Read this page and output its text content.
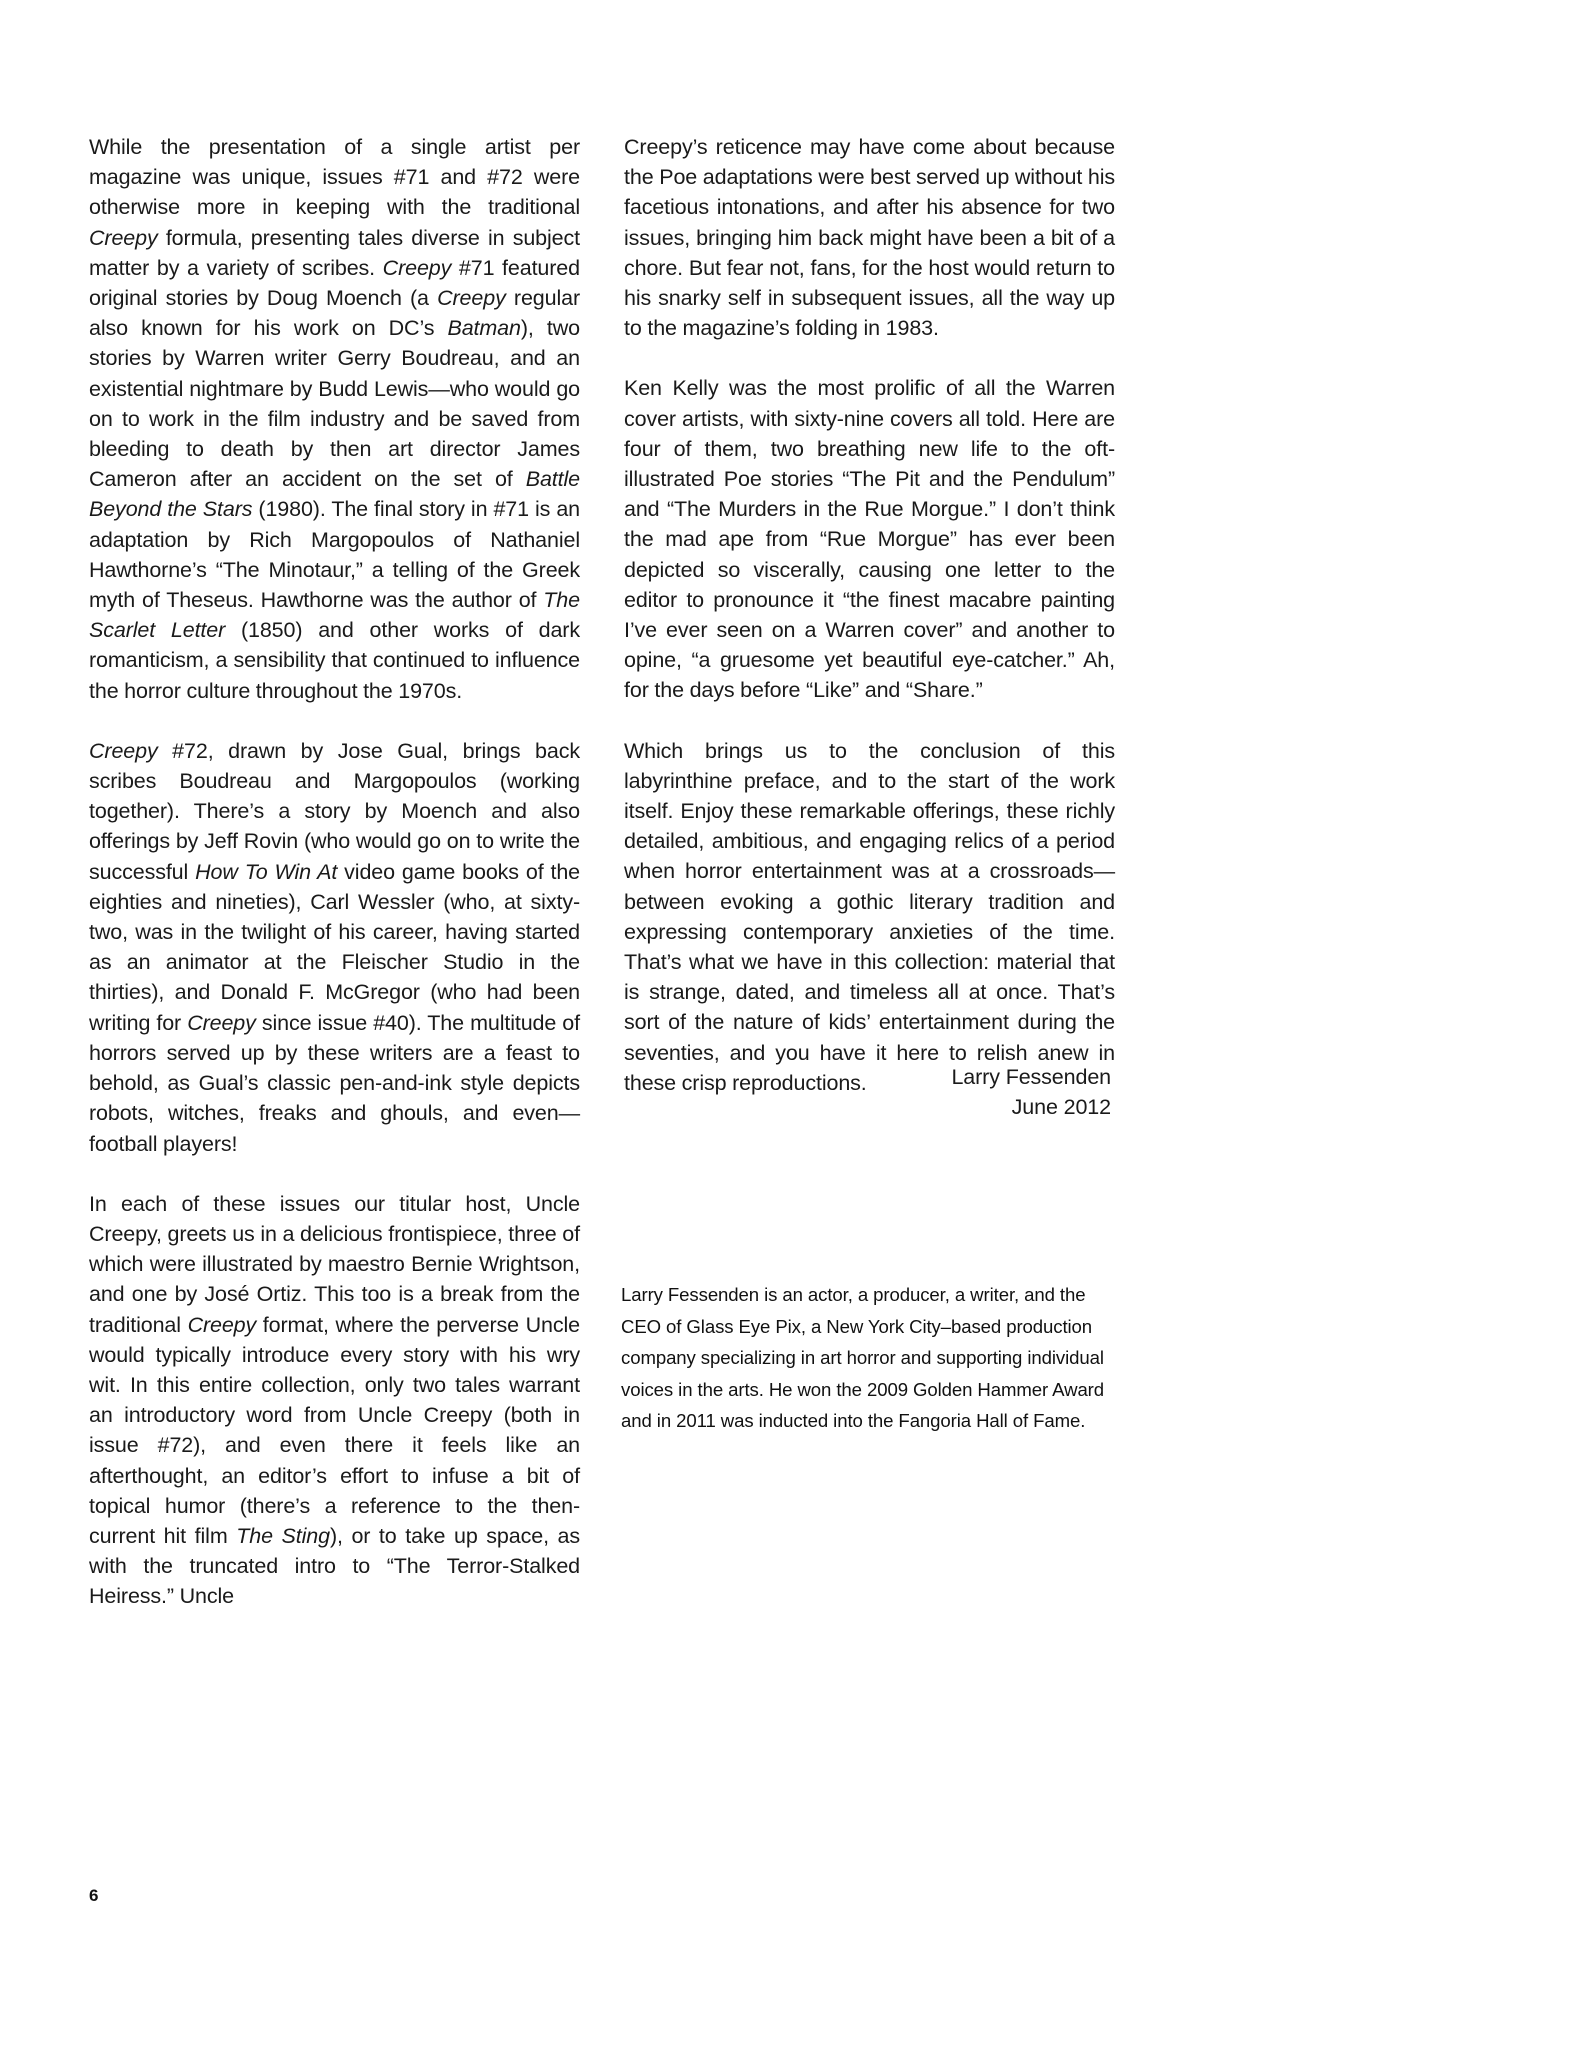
While the presentation of a single artist per magazine was unique, issues #71 and #72 were otherwise more in keeping with the traditional Creepy formula, presenting tales diverse in subject matter by a variety of scribes. Creepy #71 featured original stories by Doug Moench (a Creepy regular also known for his work on DC’s Batman), two stories by Warren writer Gerry Boudreau, and an existential nightmare by Budd Lewis—who would go on to work in the film industry and be saved from bleeding to death by then art director James Cameron after an accident on the set of Battle Beyond the Stars (1980). The final story in #71 is an adaptation by Rich Margopoulos of Nathaniel Hawthorne’s “The Minotaur,” a telling of the Greek myth of Theseus. Hawthorne was the author of The Scarlet Letter (1850) and other works of dark romanticism, a sensibility that continued to influence the horror culture throughout the 1970s.

Creepy #72, drawn by Jose Gual, brings back scribes Boudreau and Margopoulos (working together). There’s a story by Moench and also offerings by Jeff Rovin (who would go on to write the successful How To Win At video game books of the eighties and nineties), Carl Wessler (who, at sixty-two, was in the twilight of his career, having started as an animator at the Fleischer Studio in the thirties), and Donald F. McGregor (who had been writing for Creepy since issue #40). The multitude of horrors served up by these writers are a feast to behold, as Gual’s classic pen-and-ink style depicts robots, witches, freaks and ghouls, and even—football players!

In each of these issues our titular host, Uncle Creepy, greets us in a delicious frontispiece, three of which were illustrated by maestro Bernie Wrightson, and one by José Ortiz. This too is a break from the traditional Creepy format, where the perverse Uncle would typically introduce every story with his wry wit. In this entire collection, only two tales warrant an introductory word from Uncle Creepy (both in issue #72), and even there it feels like an afterthought, an editor’s effort to infuse a bit of topical humor (there’s a reference to the then-current hit film The Sting), or to take up space, as with the truncated intro to “The Terror-Stalked Heiress.” Uncle

Creepy’s reticence may have come about because the Poe adaptations were best served up without his facetious intonations, and after his absence for two issues, bringing him back might have been a bit of a chore. But fear not, fans, for the host would return to his snarky self in subsequent issues, all the way up to the magazine’s folding in 1983.

Ken Kelly was the most prolific of all the Warren cover artists, with sixty-nine covers all told. Here are four of them, two breathing new life to the oft-illustrated Poe stories “The Pit and the Pendulum” and “The Murders in the Rue Morgue.” I don’t think the mad ape from “Rue Morgue” has ever been depicted so viscerally, causing one letter to the editor to pronounce it “the finest macabre painting I’ve ever seen on a Warren cover” and another to opine, “a gruesome yet beautiful eye-catcher.” Ah, for the days before “Like” and “Share.”

Which brings us to the conclusion of this labyrinthine preface, and to the start of the work itself. Enjoy these remarkable offerings, these richly detailed, ambitious, and engaging relics of a period when horror entertainment was at a crossroads—between evoking a gothic literary tradition and expressing contemporary anxieties of the time. That’s what we have in this collection: material that is strange, dated, and timeless all at once. That’s sort of the nature of kids’ entertainment during the seventies, and you have it here to relish anew in these crisp reproductions.	Larry Fessenden
June 2012

Larry Fessenden is an actor, a producer, a writer, and the CEO of Glass Eye Pix, a New York City–based production company specializing in art horror and supporting individual voices in the arts. He won the 2009 Golden Hammer Award and in 2011 was inducted into the Fangoria Hall of Fame.

6
